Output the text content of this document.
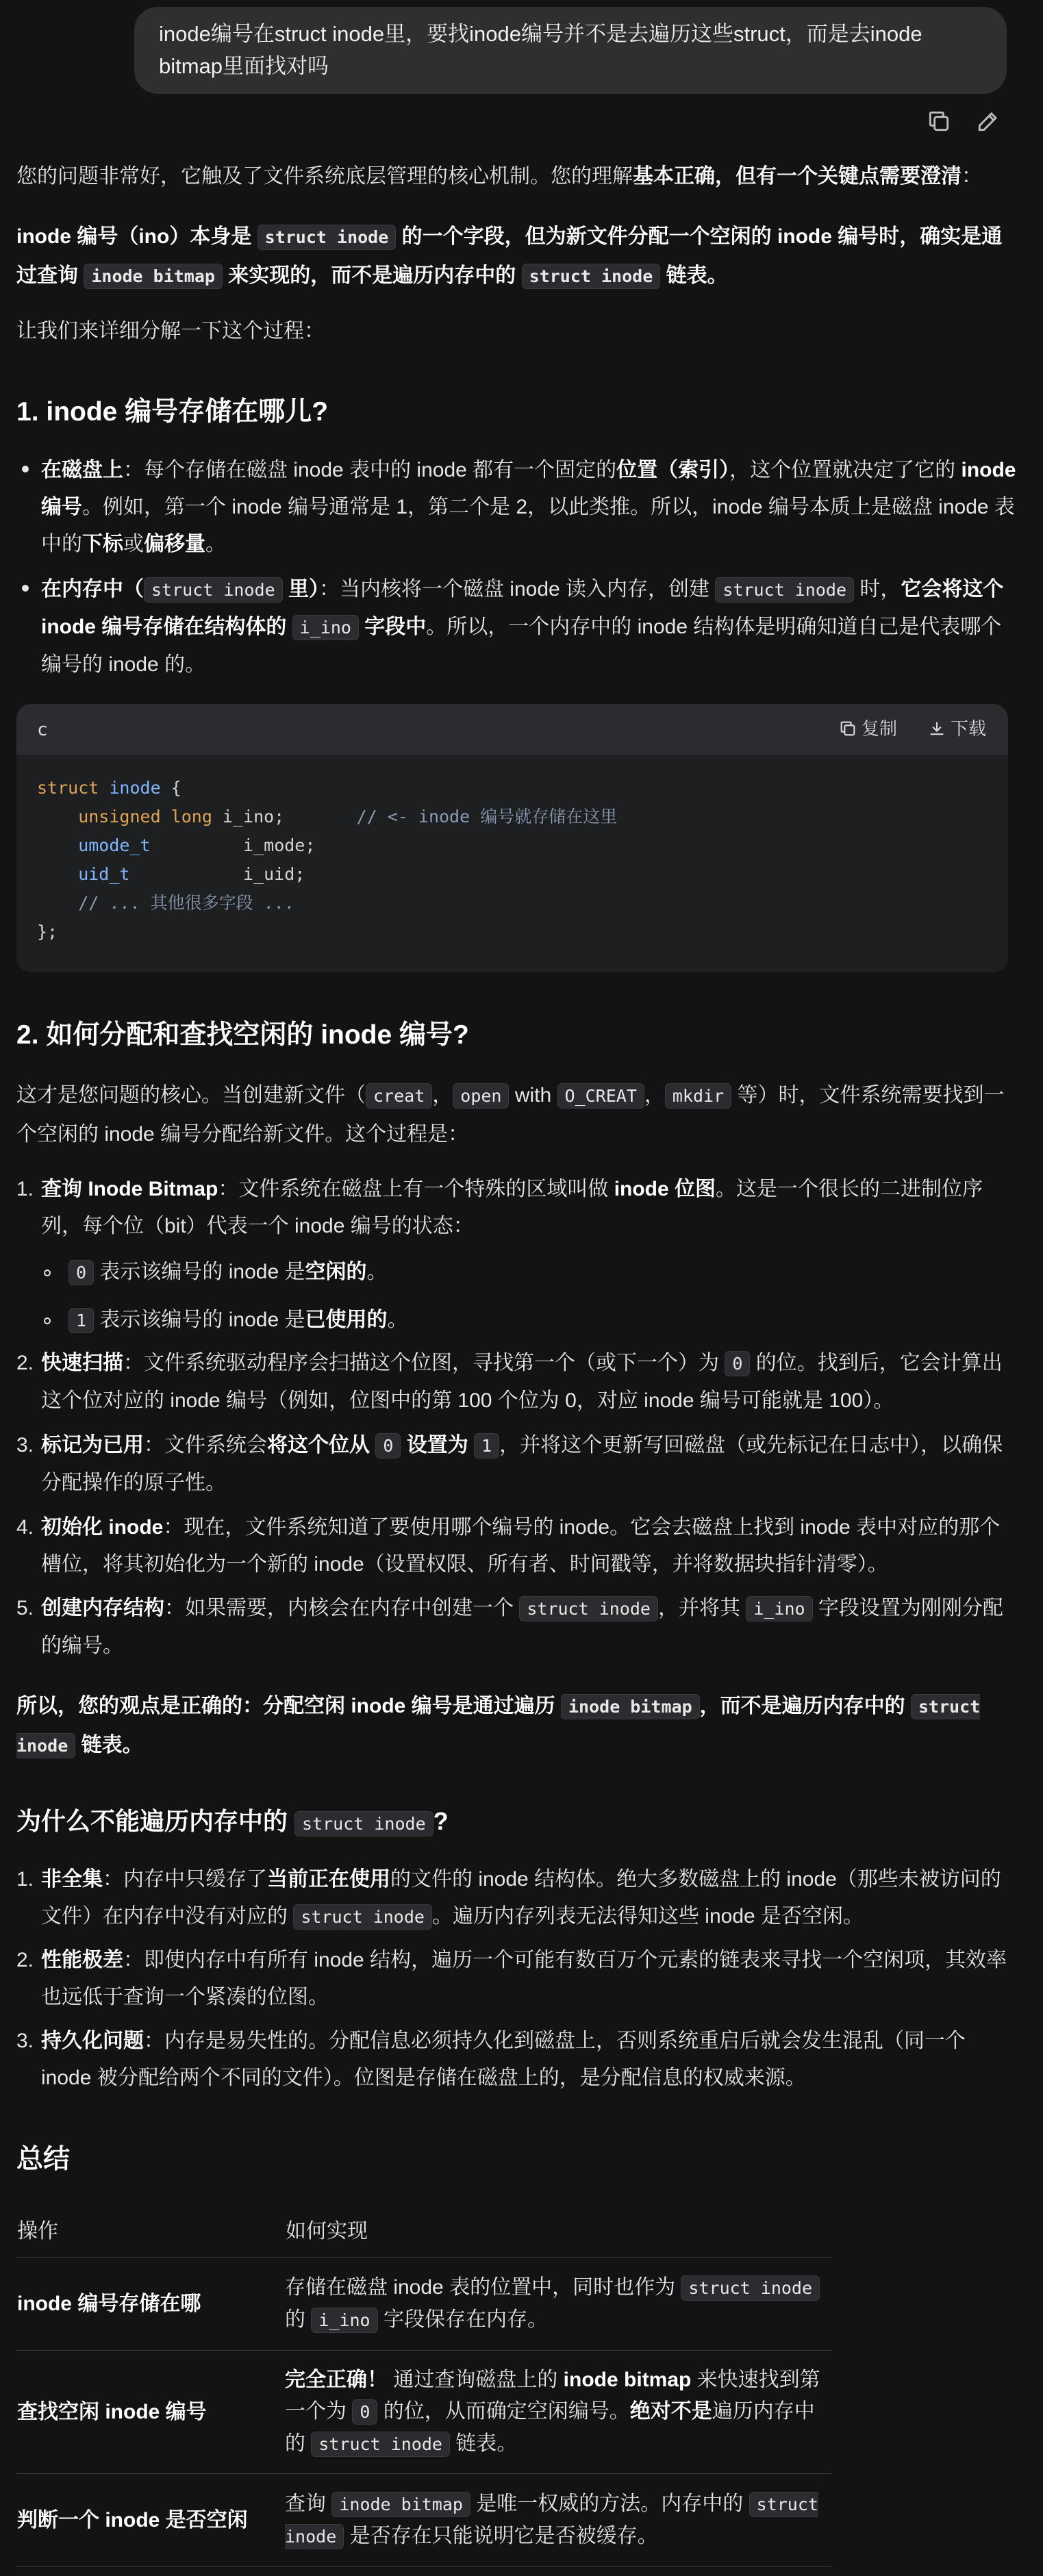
inode编号在struct inode里，要找inode编号并不是去遍历这些struct，而是去inode bitmap里面找对吗
您的问题非常好，它触及了文件系统底层管理的核心机制。您的理解基本正确，但有一个关键点需要澄清：
inode 编号（ino）本身是 struct inode 的一个字段，但为新文件分配一个空闲的 inode 编号时，确实是通过查询 inode bitmap 来实现的，而不是遍历内存中的 struct inode 链表。
让我们来详细分解一下这个过程：
1. inode 编号存储在哪儿?
在磁盘上：每个存储在磁盘 inode 表中的 inode 都有一个固定的位置（索引），这个位置就决定了它的 inode 编号。例如，第一个 inode 编号通常是 1，第二个是 2，以此类推。所以，inode 编号本质上是磁盘 inode 表中的下标或偏移量。
在内存中（ struct inode 里）：当内核将一个磁盘 inode 读入内存，创建 struct inode 时，它会将这个 inode 编号存储在结构体的 i_ino 字段中。所以，一个内存中的 inode 结构体是明确知道自己是代表哪个编号的 inode 的。
c	复制	下载
struct inode {
unsigned long i_ino;       // <- inode 编号就存储在这里
umode_t         i_mode;
uid_t           i_uid;
// ... 其他很多字段 ...
};
2. 如何分配和查找空闲的 inode 编号?
这才是您问题的核心。当创建新文件（ creat ， open with O_CREAT ， mkdir 等）时，文件系统需要找到一个空闲的 inode 编号分配给新文件。这个过程是：
1. 查询 Inode Bitmap：文件系统在磁盘上有一个特殊的区域叫做 inode 位图。这是一个很长的二进制位序列，每个位（bit）代表一个 inode 编号的状态：
0 表示该编号的 inode 是空闲的。
1 表示该编号的 inode 是已使用的。
2. 快速扫描：文件系统驱动程序会扫描这个位图，寻找第一个（或下一个）为 0 的位。找到后，它会计算出这个位对应的 inode 编号（例如，位图中的第 100 个位为 0，对应 inode 编号可能就是 100）。
3. 标记为已用：文件系统会将这个位从 0 设置为 1 ，并将这个更新写回磁盘（或先标记在日志中），以确保分配操作的原子性。
4. 初始化 inode：现在，文件系统知道了要使用哪个编号的 inode。它会去磁盘上找到 inode 表中对应的那个槽位，将其初始化为一个新的 inode（设置权限、所有者、时间戳等，并将数据块指针清零）。
5. 创建内存结构：如果需要，内核会在内存中创建一个 struct inode ，并将其 i_ino 字段设置为刚刚分配的编号。
所以，您的观点是正确的：分配空闲 inode 编号是通过遍历 inode bitmap ，而不是遍历内存中的 struct inode 链表。
为什么不能遍历内存中的 struct inode ?
1. 非全集：内存中只缓存了当前正在使用的文件的 inode 结构体。绝大多数磁盘上的 inode（那些未被访问的文件）在内存中没有对应的 struct inode 。遍历内存列表无法得知这些 inode 是否空闲。
2. 性能极差：即使内存中有所有 inode 结构，遍历一个可能有数百万个元素的链表来寻找一个空闲项，其效率也远低于查询一个紧凑的位图。
3. 持久化问题：内存是易失性的。分配信息必须持久化到磁盘上，否则系统重启后就会发生混乱（同一个 inode 被分配给两个不同的文件）。位图是存储在磁盘上的，是分配信息的权威来源。
总结
操作	如何实现
inode 编号存储在哪	存储在磁盘 inode 表的位置中，同时也作为 struct inode 的 i_ino 字段保存在内存。
查找空闲 inode 编号	完全正确！ 通过查询磁盘上的 inode bitmap 来快速找到第一个为 0 的位，从而确定空闲编号。绝对不是遍历内存中的 struct inode 链表。
判断一个 inode 是否空闲	查询 inode bitmap 是唯一权威的方法。内存中的 struct inode 是否存在只能说明它是否被缓存。
